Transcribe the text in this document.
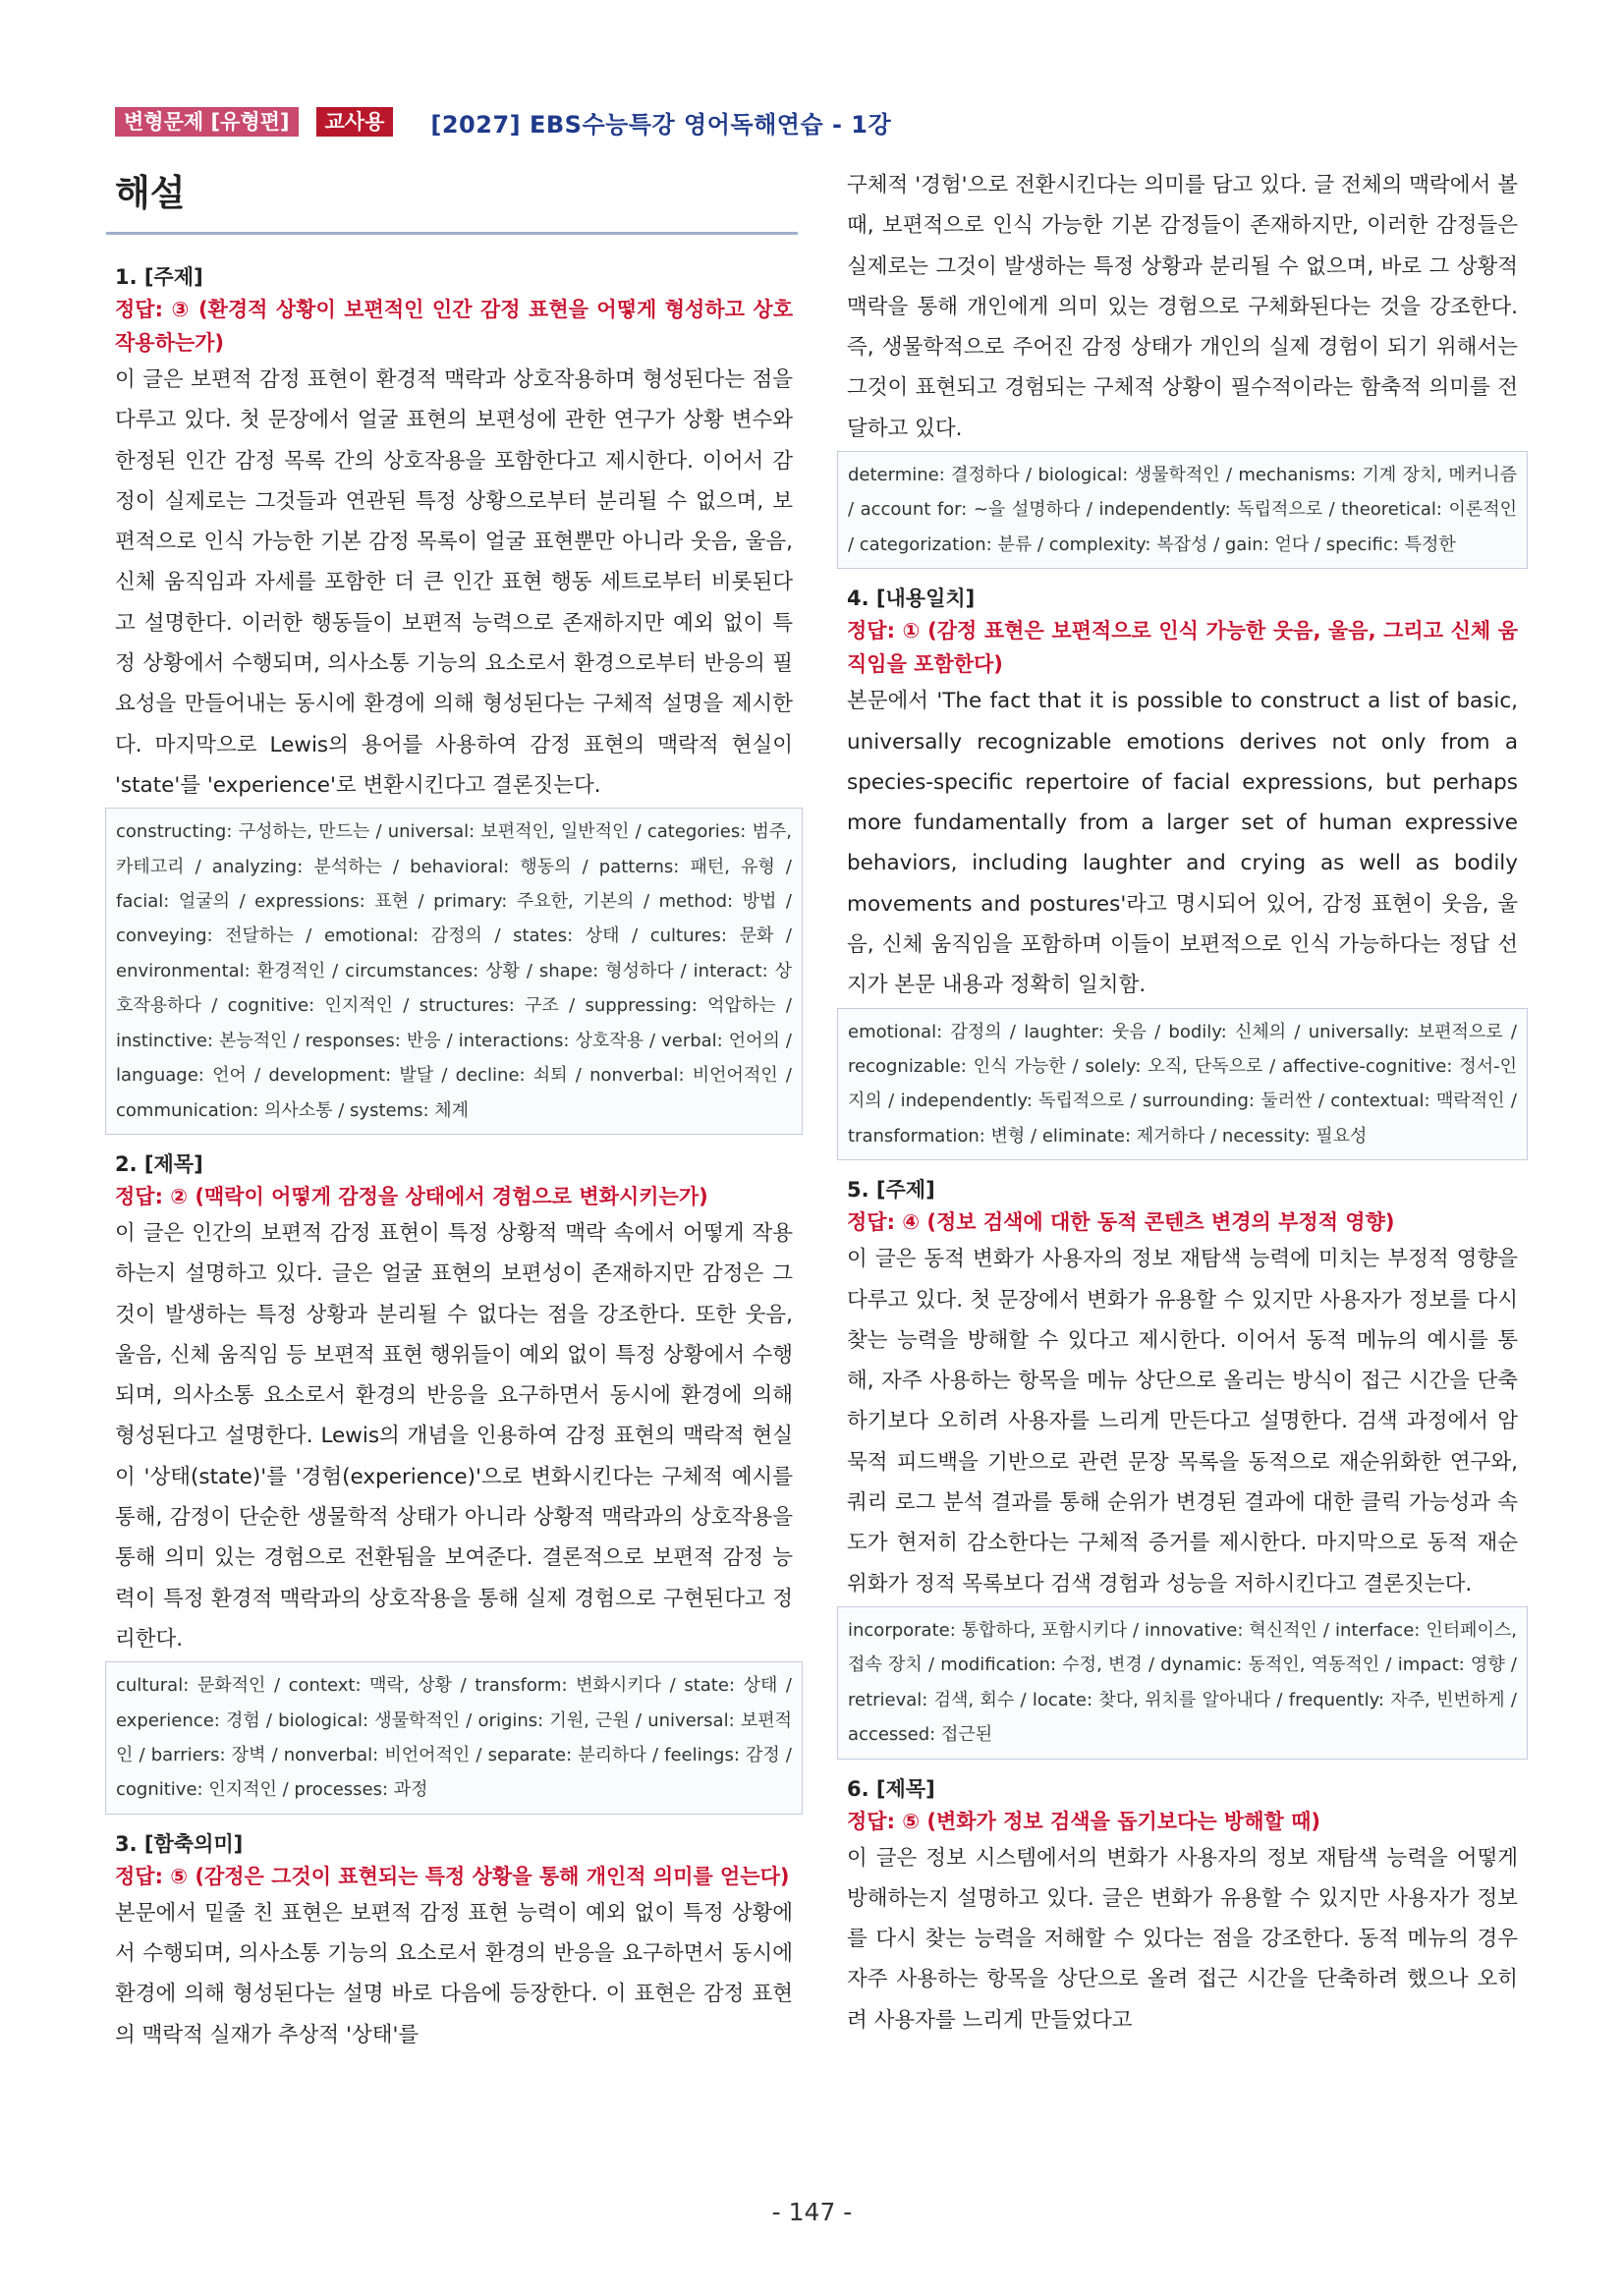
변형문제 [유형편]	교사용	[2027] EBS수능특강 영어독해연습 - 1강
해설
1. [주제]
정답: ③ (환경적 상황이 보편적인 인간 감정 표현을 어떻게 형성하고 상호작용하는가)

이 글은 보편적 감정 표현이 환경적 맥락과 상호작용하며 형성된다는 점을 다루고 있다. 첫 문장에서 얼굴 표현의 보편성에 관한 연구가 상황 변수와 한정된 인간 감정 목록 간의 상호작용을 포함한다고 제시한다. 이어서 감정이 실제로는 그것들과 연관된 특정 상황으로부터 분리될 수 없으며, 보편적으로 인식 가능한 기본 감정 목록이 얼굴 표현뿐만 아니라 웃음, 울음, 신체 움직임과 자세를 포함한 더 큰 인간 표현 행동 세트로부터 비롯된다고 설명한다. 이러한 행동들이 보편적 능력으로 존재하지만 예외 없이 특정 상황에서 수행되며, 의사소통 기능의 요소로서 환경으로부터 반응의 필요성을 만들어내는 동시에 환경에 의해 형성된다는 구체적 설명을 제시한다. 마지막으로 Lewis의 용어를 사용하여 감정 표현의 맥락적 현실이 'state'를 'experience'로 변환시킨다고 결론짓는다.

constructing: 구성하는, 만드는 / universal: 보편적인, 일반적인 / categories: 범주, 카테고리 / analyzing: 분석하는 / behavioral: 행동의 / patterns: 패턴, 유형 / facial: 얼굴의 / expressions: 표현 / primary: 주요한, 기본의 / method: 방법 / conveying: 전달하는 / emotional: 감정의 / states: 상태 / cultures: 문화 / environmental: 환경적인 / circumstances: 상황 / shape: 형성하다 / interact: 상호작용하다 / cognitive: 인지적인 / structures: 구조 / suppressing: 억압하는 / instinctive: 본능적인 / responses: 반응 / interactions: 상호작용 / verbal: 언어의 / language: 언어 / development: 발달 / decline: 쇠퇴 / nonverbal: 비언어적인 / communication: 의사소통 / systems: 체계
2. [제목]
정답: ② (맥락이 어떻게 감정을 상태에서 경험으로 변화시키는가)

이 글은 인간의 보편적 감정 표현이 특정 상황적 맥락 속에서 어떻게 작용하는지 설명하고 있다. 글은 얼굴 표현의 보편성이 존재하지만 감정은 그것이 발생하는 특정 상황과 분리될 수 없다는 점을 강조한다. 또한 웃음, 울음, 신체 움직임 등 보편적 표현 행위들이 예외 없이 특정 상황에서 수행되며, 의사소통 요소로서 환경의 반응을 요구하면서 동시에 환경에 의해 형성된다고 설명한다. Lewis의 개념을 인용하여 감정 표현의 맥락적 현실이 '상태(state)'를 '경험(experience)'으로 변화시킨다는 구체적 예시를 통해, 감정이 단순한 생물학적 상태가 아니라 상황적 맥락과의 상호작용을 통해 의미 있는 경험으로 전환됨을 보여준다. 결론적으로 보편적 감정 능력이 특정 환경적 맥락과의 상호작용을 통해 실제 경험으로 구현된다고 정리한다.

cultural: 문화적인 / context: 맥락, 상황 / transform: 변화시키다 / state: 상태 / experience: 경험 / biological: 생물학적인 / origins: 기원, 근원 / universal: 보편적인 / barriers: 장벽 / nonverbal: 비언어적인 / separate: 분리하다 / feelings: 감정 / cognitive: 인지적인 / processes: 과정
3. [함축의미]
정답: ⑤ (감정은 그것이 표현되는 특정 상황을 통해 개인적 의미를 얻는다)

본문에서 밑줄 친 표현은 보편적 감정 표현 능력이 예외 없이 특정 상황에서 수행되며, 의사소통 기능의 요소로서 환경의 반응을 요구하면서 동시에 환경에 의해 형성된다는 설명 바로 다음에 등장한다. 이 표현은 감정 표현의 맥락적 실재가 추상적 '상태'를

구체적 '경험'으로 전환시킨다는 의미를 담고 있다. 글 전체의 맥락에서 볼 때, 보편적으로 인식 가능한 기본 감정들이 존재하지만, 이러한 감정들은 실제로는 그것이 발생하는 특정 상황과 분리될 수 없으며, 바로 그 상황적 맥락을 통해 개인에게 의미 있는 경험으로 구체화된다는 것을 강조한다. 즉, 생물학적으로 주어진 감정 상태가 개인의 실제 경험이 되기 위해서는 그것이 표현되고 경험되는 구체적 상황이 필수적이라는 함축적 의미를 전달하고 있다.

determine: 결정하다 / biological: 생물학적인 / mechanisms: 기계 장치, 메커니즘 / account for: ~을 설명하다 / independently: 독립적으로 / theoretical: 이론적인 / categorization: 분류 / complexity: 복잡성 / gain: 얻다 / specific: 특정한
4. [내용일치]
정답: ① (감정 표현은 보편적으로 인식 가능한 웃음, 울음, 그리고 신체 움직임을 포함한다)

본문에서 'The fact that it is possible to construct a list of basic, universally recognizable emotions derives not only from a species-specific repertoire of facial expressions, but perhaps more fundamentally from a larger set of human expressive behaviors, including laughter and crying as well as bodily movements and postures'라고 명시되어 있어, 감정 표현이 웃음, 울음, 신체 움직임을 포함하며 이들이 보편적으로 인식 가능하다는 정답 선지가 본문 내용과 정확히 일치함.

emotional: 감정의 / laughter: 웃음 / bodily: 신체의 / universally: 보편적으로 / recognizable: 인식 가능한 / solely: 오직, 단독으로 / affective-cognitive: 정서-인지의 / independently: 독립적으로 / surrounding: 둘러싼 / contextual: 맥락적인 / transformation: 변형 / eliminate: 제거하다 / necessity: 필요성
5. [주제]
정답: ④ (정보 검색에 대한 동적 콘텐츠 변경의 부정적 영향)

이 글은 동적 변화가 사용자의 정보 재탐색 능력에 미치는 부정적 영향을 다루고 있다. 첫 문장에서 변화가 유용할 수 있지만 사용자가 정보를 다시 찾는 능력을 방해할 수 있다고 제시한다. 이어서 동적 메뉴의 예시를 통해, 자주 사용하는 항목을 메뉴 상단으로 올리는 방식이 접근 시간을 단축하기보다 오히려 사용자를 느리게 만든다고 설명한다. 검색 과정에서 암묵적 피드백을 기반으로 관련 문장 목록을 동적으로 재순위화한 연구와, 쿼리 로그 분석 결과를 통해 순위가 변경된 결과에 대한 클릭 가능성과 속도가 현저히 감소한다는 구체적 증거를 제시한다. 마지막으로 동적 재순위화가 정적 목록보다 검색 경험과 성능을 저하시킨다고 결론짓는다.

incorporate: 통합하다, 포함시키다 / innovative: 혁신적인 / interface: 인터페이스, 접속 장치 / modification: 수정, 변경 / dynamic: 동적인, 역동적인 / impact: 영향 / retrieval: 검색, 회수 / locate: 찾다, 위치를 알아내다 / frequently: 자주, 빈번하게 / accessed: 접근된
6. [제목]
정답: ⑤ (변화가 정보 검색을 돕기보다는 방해할 때)

이 글은 정보 시스템에서의 변화가 사용자의 정보 재탐색 능력을 어떻게 방해하는지 설명하고 있다. 글은 변화가 유용할 수 있지만 사용자가 정보를 다시 찾는 능력을 저해할 수 있다는 점을 강조한다. 동적 메뉴의 경우 자주 사용하는 항목을 상단으로 올려 접근 시간을 단축하려 했으나 오히려 사용자를 느리게 만들었다고

- 147 -
